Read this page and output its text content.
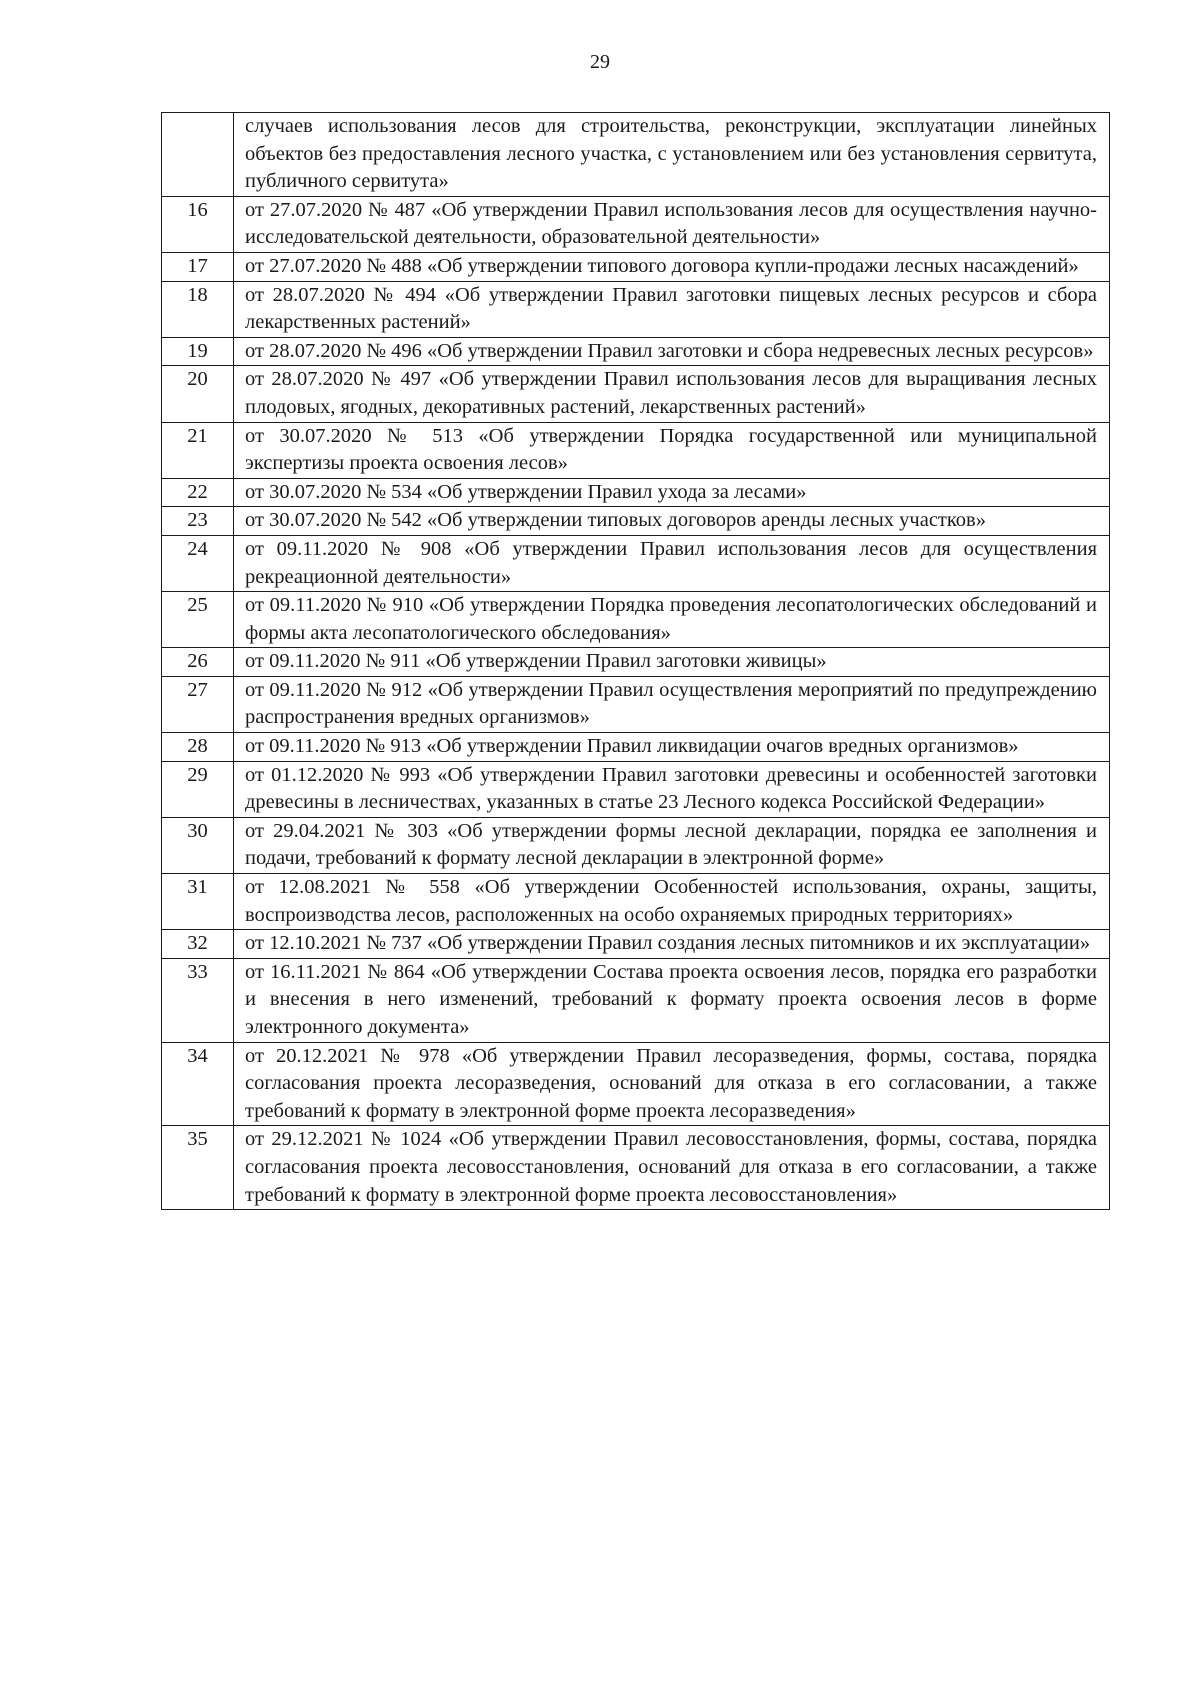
29
	случаев использования лесов для строительства, реконструкции, эксплуатации линейных объектов без предоставления лесного участка, с установлением или без установления сервитута, публичного сервитута»
16	от 27.07.2020 № 487 «Об утверждении Правил использования лесов для осуществления научно-исследовательской деятельности, образовательной деятельности»
17	от 27.07.2020 № 488 «Об утверждении типового договора купли-продажи лесных насаждений»
18	от 28.07.2020 № 494 «Об утверждении Правил заготовки пищевых лесных ресурсов и сбора лекарственных растений»
19	от 28.07.2020 № 496 «Об утверждении Правил заготовки и сбора недревесных лесных ресурсов»
20	от 28.07.2020 № 497 «Об утверждении Правил использования лесов для выращивания лесных плодовых, ягодных, декоративных растений, лекарственных растений»
21	от 30.07.2020 № 513 «Об утверждении Порядка государственной или муниципальной экспертизы проекта освоения лесов»
22	от 30.07.2020 № 534 «Об утверждении Правил ухода за лесами»
23	от 30.07.2020 № 542 «Об утверждении типовых договоров аренды лесных участков»
24	от 09.11.2020 № 908 «Об утверждении Правил использования лесов для осуществления рекреационной деятельности»
25	от 09.11.2020 № 910 «Об утверждении Порядка проведения лесопатологических обследований и формы акта лесопатологического обследования»
26	от 09.11.2020 № 911 «Об утверждении Правил заготовки живицы»
27	от 09.11.2020 № 912 «Об утверждении Правил осуществления мероприятий по предупреждению распространения вредных организмов»
28	от 09.11.2020 № 913 «Об утверждении Правил ликвидации очагов вредных организмов»
29	от 01.12.2020 № 993 «Об утверждении Правил заготовки древесины и особенностей заготовки древесины в лесничествах, указанных в статье 23 Лесного кодекса Российской Федерации»
30	от 29.04.2021 № 303 «Об утверждении формы лесной декларации, порядка ее заполнения и подачи, требований к формату лесной декларации в электронной форме»
31	от 12.08.2021 № 558 «Об утверждении Особенностей использования, охраны, защиты, воспроизводства лесов, расположенных на особо охраняемых природных территориях»
32	от 12.10.2021 № 737 «Об утверждении Правил создания лесных питомников и их эксплуатации»
33	от 16.11.2021 № 864 «Об утверждении Состава проекта освоения лесов, порядка его разработки и внесения в него изменений, требований к формату проекта освоения лесов в форме электронного документа»
34	от 20.12.2021 № 978 «Об утверждении Правил лесоразведения, формы, состава, порядка согласования проекта лесоразведения, оснований для отказа в его согласовании, а также требований к формату в электронной форме проекта лесоразведения»
35	от 29.12.2021 № 1024 «Об утверждении Правил лесовосстановления, формы, состава, порядка согласования проекта лесовосстановления, оснований для отказа в его согласовании, а также требований к формату в электронной форме проекта лесовосстановления»
